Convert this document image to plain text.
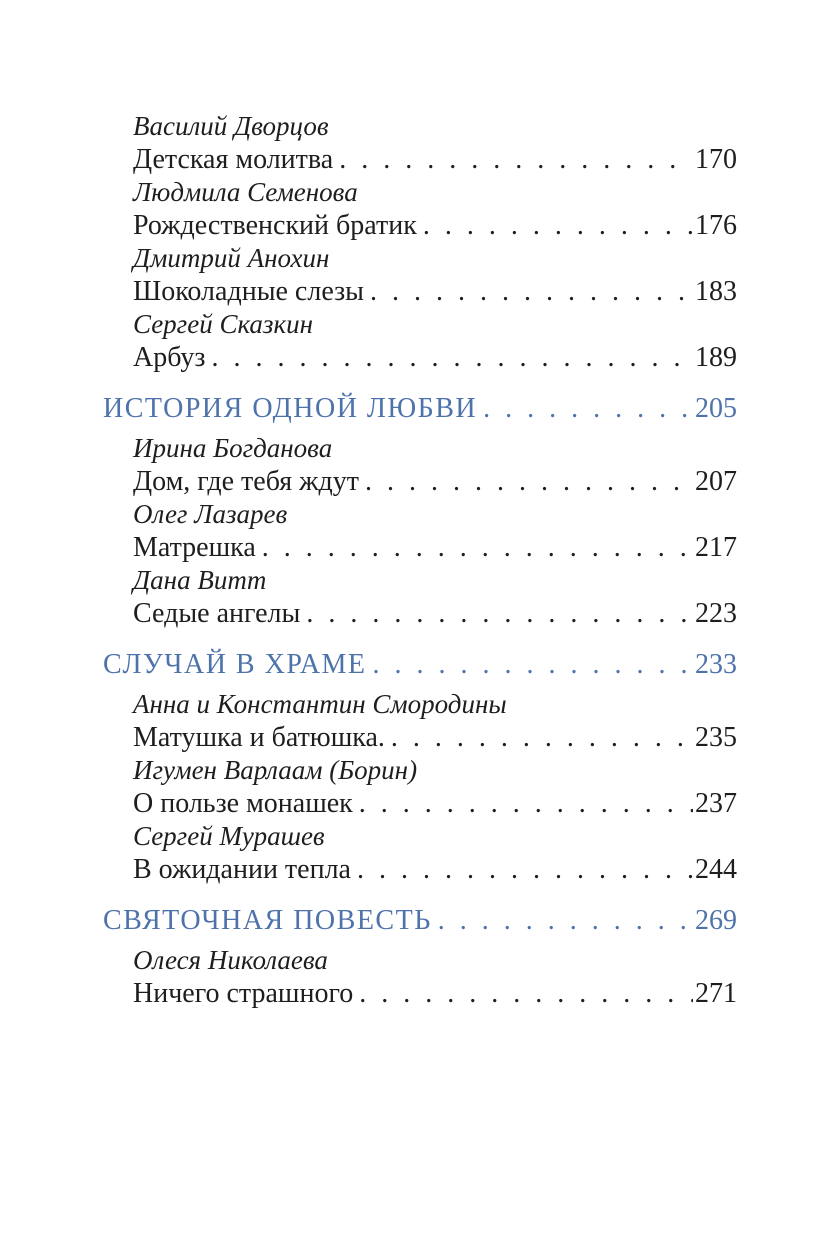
Василий Дворцов
Детская молитва . . .	170
Людмила Семенова
Рождественский братик . . .	176
Дмитрий Анохин
Шоколадные слезы . . .	183
Сергей Сказкин
Арбуз . . .	189
ИСТОРИЯ ОДНОЙ ЛЮБВИ . . .	205
Ирина Богданова
Дом, где тебя ждут . . .	207
Олег Лазарев
Матрешка . . .	217
Дана Витт
Седые ангелы . . .	223
СЛУЧАЙ В ХРАМЕ . . .	233
Анна и Константин Смородины
Матушка и батюшка. . . .	235
Игумен Варлаам (Борин)
О пользе монашек . . .	237
Сергей Мурашев
В ожидании тепла . . .	244
СВЯТОЧНАЯ ПОВЕСТЬ . . .	269
Олеся Николаева
Ничего страшного . . .	271
